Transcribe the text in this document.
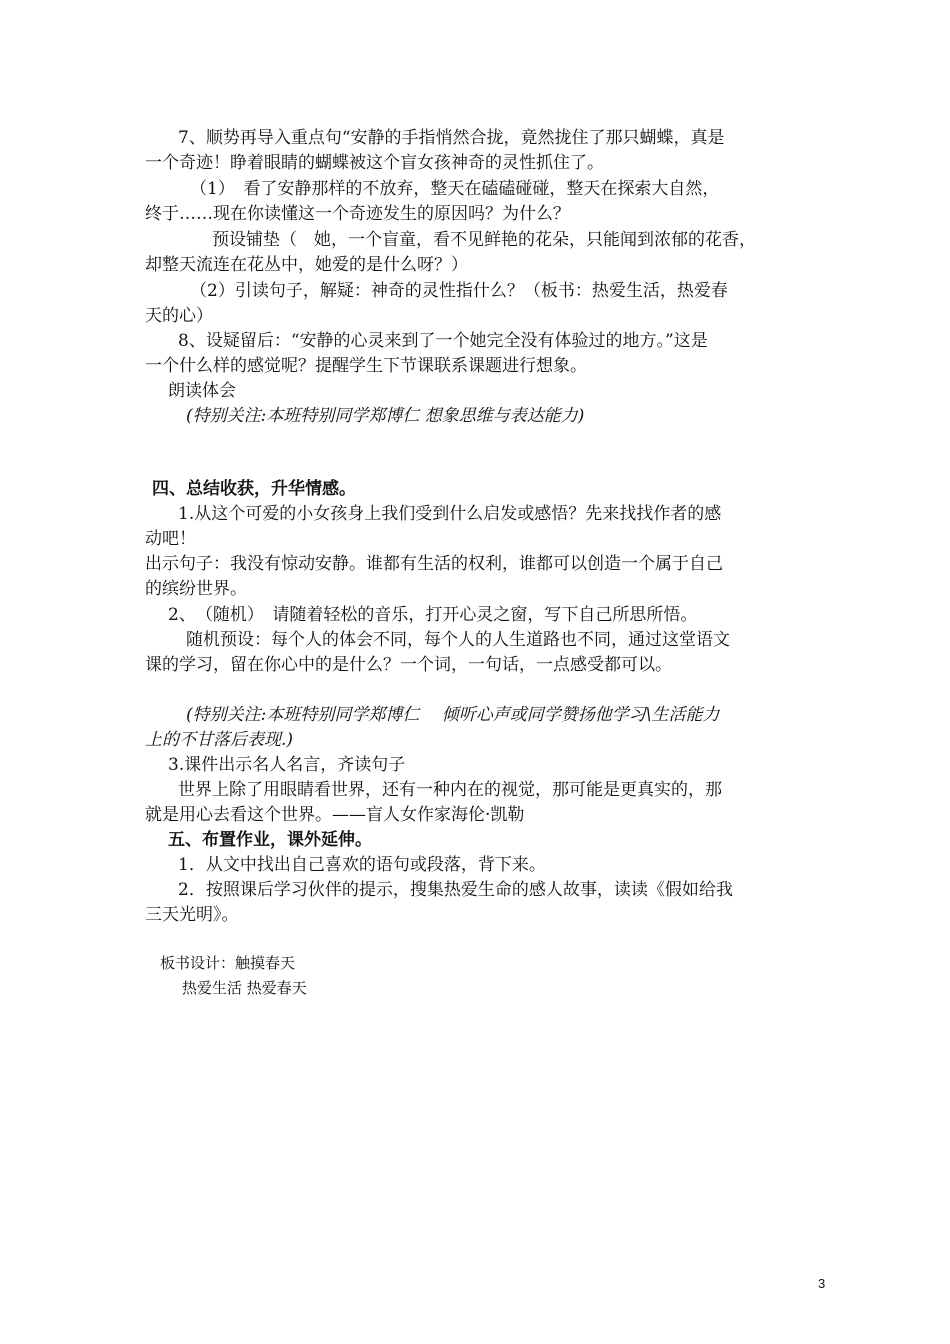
7、顺势再导入重点句“安静的手指悄然合拢，竟然拢住了那只蝴蝶，真是
一个奇迹！睁着眼睛的蝴蝶被这个盲女孩神奇的灵性抓住了。
（1）　看了安静那样的不放弃，整天在磕磕碰碰，整天在探索大自然，
终于……现在你读懂这一个奇迹发生的原因吗？为什么？
预设铺垫（　她，一个盲童，看不见鲜艳的花朵，只能闻到浓郁的花香，
却整天流连在花丛中，她爱的是什么呀？）
（2）引读句子，解疑：神奇的灵性指什么？（板书：热爱生活，热爱春
天的心）
8、设疑留后：“安静的心灵来到了一个她完全没有体验过的地方。”这是
一个什么样的感觉呢？提醒学生下节课联系课题进行想象。
朗读体会
(特别关注:本班特别同学郑博仁 想象思维与表达能力)
四、总结收获，升华情感。
1.从这个可爱的小女孩身上我们受到什么启发或感悟？先来找找作者的感
动吧！
出示句子：我没有惊动安静。谁都有生活的权利，谁都可以创造一个属于自己
的缤纷世界。
2、　（随机）　请随着轻松的音乐，打开心灵之窗，写下自己所思所悟。
随机预设：每个人的体会不同，每个人的人生道路也不同，通过这堂语文
课的学习，留在你心中的是什么？一个词，一句话，一点感受都可以。
(特别关注:本班特别同学郑博仁　 倾听心声或同学赞扬他学习\生活能力
上的不甘落后表现.)
3.课件出示名人名言，齐读句子
世界上除了用眼睛看世界，还有一种内在的视觉，那可能是更真实的，那
就是用心去看这个世界。——盲人女作家海伦·凯勒
五、布置作业，课外延伸。
1．从文中找出自己喜欢的语句或段落，背下来。
2．按照课后学习伙伴的提示，搜集热爱生命的感人故事，读读《假如给我
三天光明》。
板书设计：触摸春天
热爱生活 热爱春天
3
